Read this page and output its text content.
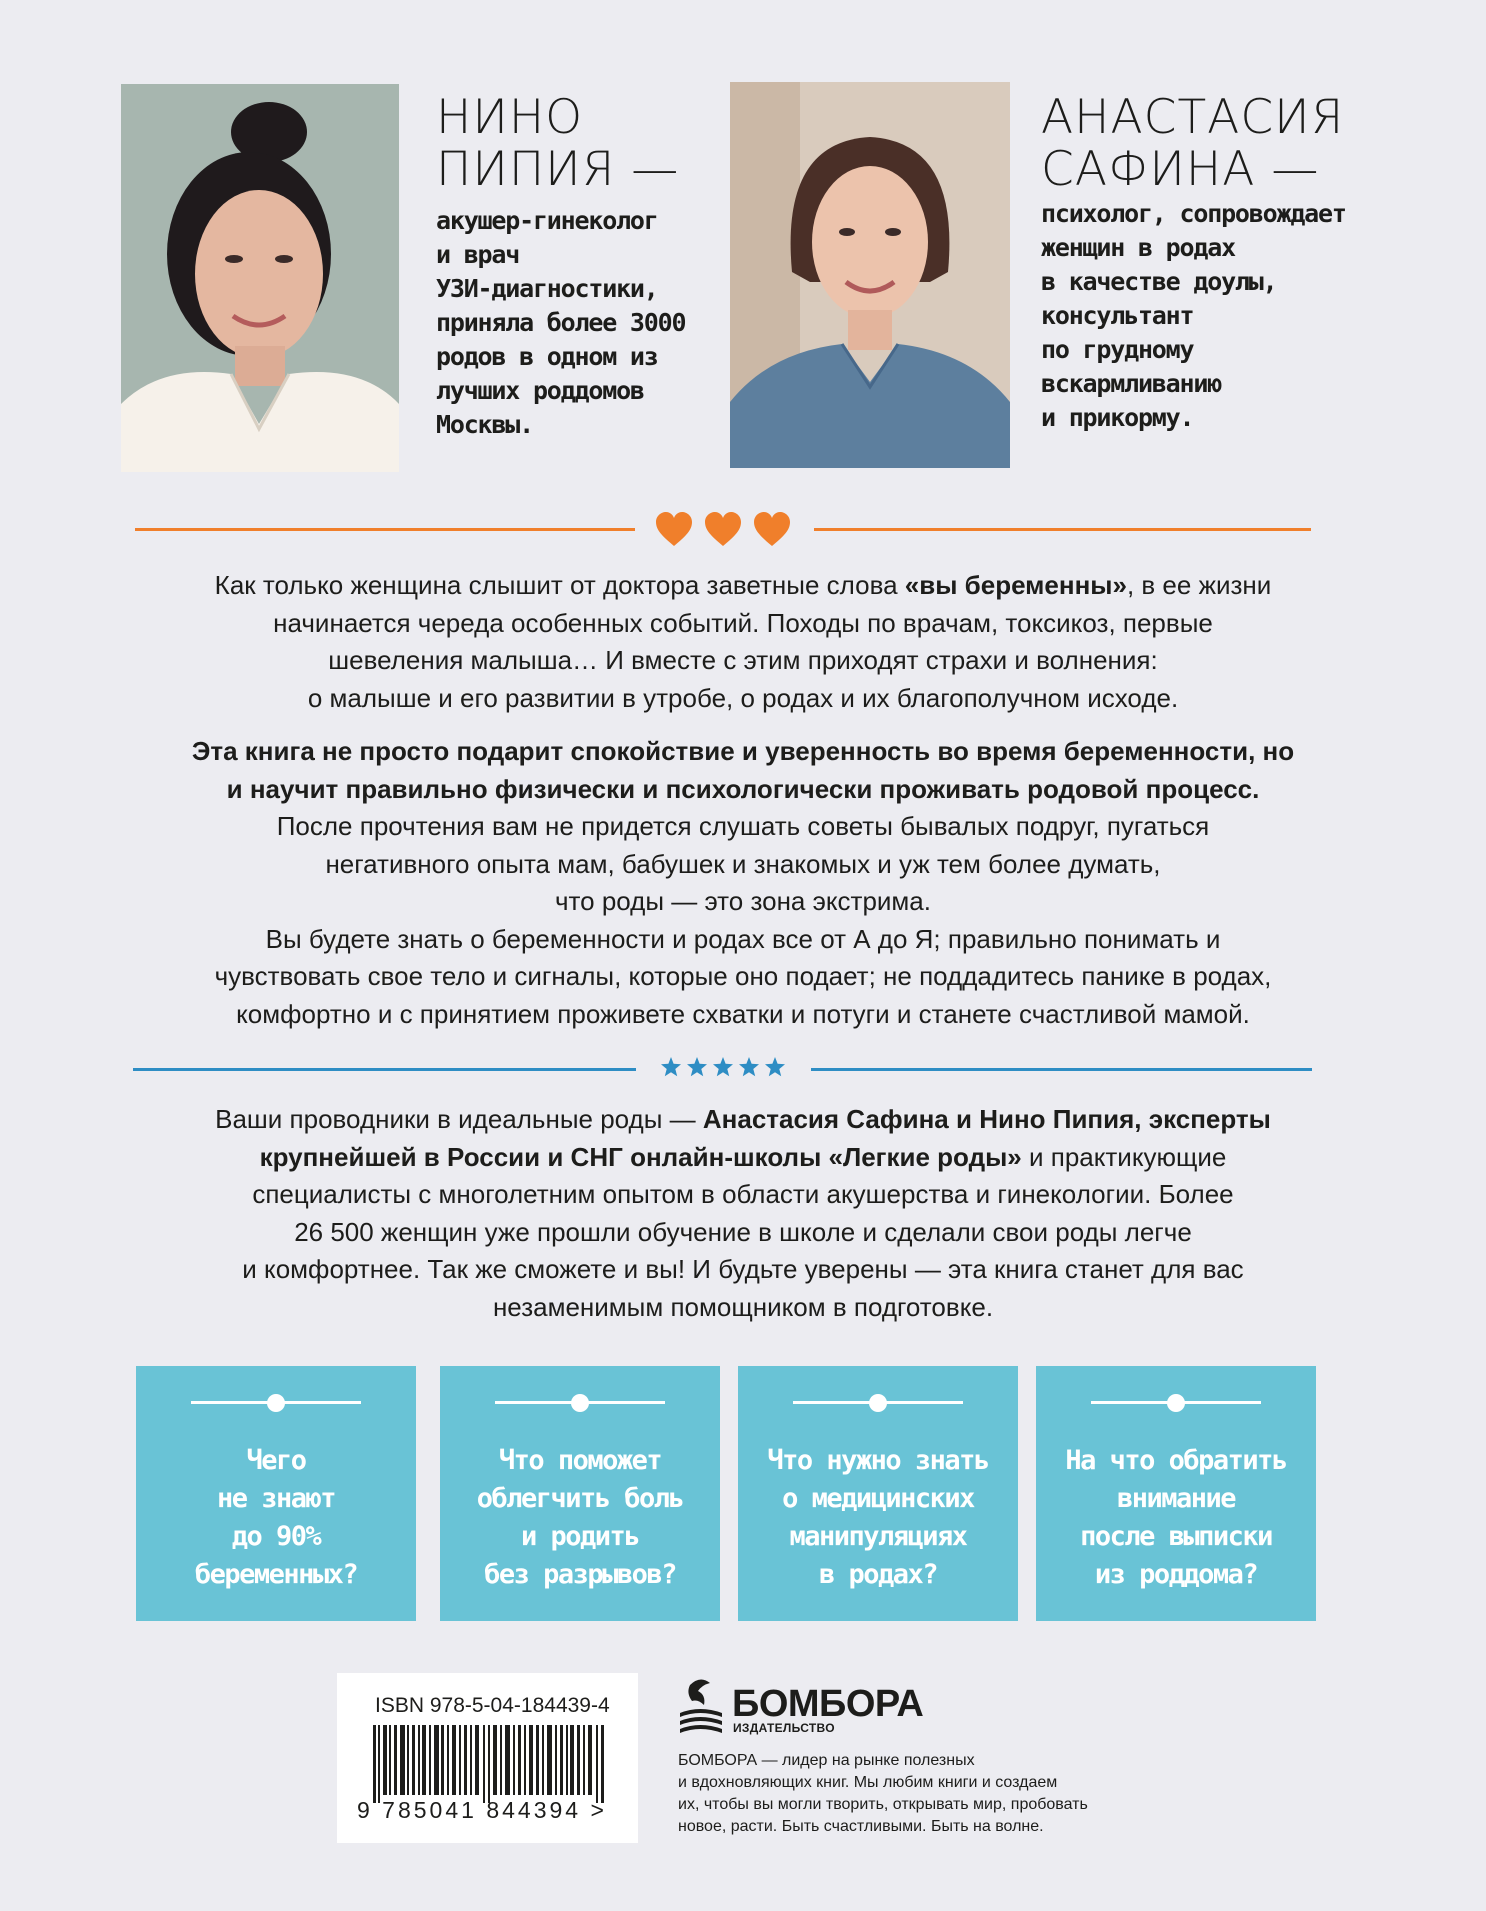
НИНО
ПИПИЯ —
акушер-гинеколог
и врач
УЗИ-диагностики,
приняла более 3000
родов в одном из
лучших роддомов
Москвы.
АНАСТАСИЯ
САФИНА —
психолог, сопровождает
женщин в родах
в качестве доулы,
консультант
по грудному
вскармливанию
и прикорму.
Как только женщина слышит от доктора заветные слова «вы беременны», в ее жизни
начинается череда особенных событий. Походы по врачам, токсикоз, первые
шевеления малыша… И вместе с этим приходят страхи и волнения:
о малыше и его развитии в утробе, о родах и их благополучном исходе.
Эта книга не просто подарит спокойствие и уверенность во время беременности, но
и научит правильно физически и психологически проживать родовой процесс.
После прочтения вам не придется слушать советы бывалых подруг, пугаться
негативного опыта мам, бабушек и знакомых и уж тем более думать,
что роды — это зона экстрима.
Вы будете знать о беременности и родах все от А до Я; правильно понимать и
чувствовать свое тело и сигналы, которые оно подает; не поддадитесь панике в родах,
комфортно и с принятием проживете схватки и потуги и станете счастливой мамой.
Ваши проводники в идеальные роды — Анастасия Сафина и Нино Пипия, эксперты
крупнейшей в России и СНГ онлайн-школы «Легкие роды» и практикующие
специалисты с многолетним опытом в области акушерства и гинекологии. Более
26 500 женщин уже прошли обучение в школе и сделали свои роды легче
и комфортнее. Так же сможете и вы! И будьте уверены — эта книга станет для вас
незаменимым помощником в подготовке.
Чего
не знают
до 90%
беременных?
Что поможет
облегчить боль
и родить
без разрывов?
Что нужно знать
о медицинских
манипуляциях
в родах?
На что обратить
внимание
после выписки
из роддома?
ISBN 978-5-04-184439-4
9 785041 844394 >
БОМБОРА
ИЗДАТЕЛЬСТВО
БОМБОРА — лидер на рынке полезных
и вдохновляющих книг. Мы любим книги и создаем
их, чтобы вы могли творить, открывать мир, пробовать
новое, расти. Быть счастливыми. Быть на волне.
